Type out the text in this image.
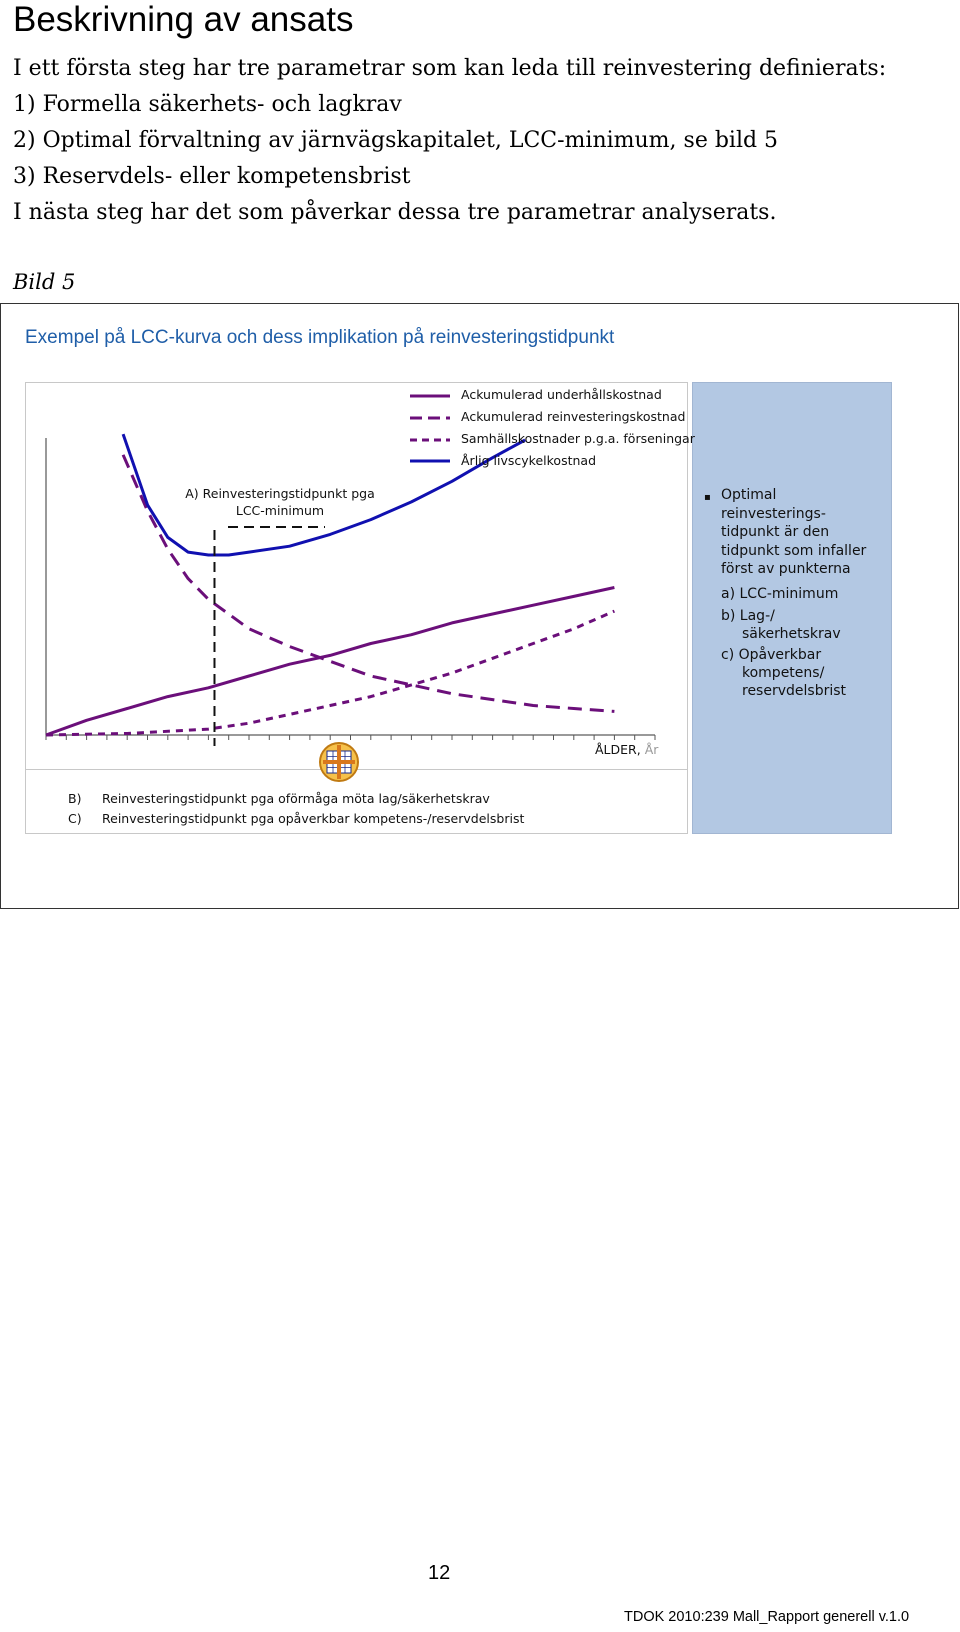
Beskrivning av ansats
I ett första steg har tre parametrar som kan leda till reinvestering definierats:
1) Formella säkerhets- och lagkrav
2) Optimal förvaltning av järnvägskapitalet, LCC-minimum, se bild 5
3) Reservdels- eller kompetensbrist
I nästa steg har det som påverkar dessa tre parametrar analyserats.
Bild 5
Exempel på LCC-kurva och dess implikation på reinvesteringstidpunkt
▪ Optimal
reinvesterings-
tidpunkt är den
tidpunkt som infaller
först av punkterna
a) LCC-minimum
b) Lag-/
säkerhetskrav
c) Opåverkbar
kompetens/
reservdelsbrist
B) Reinvesteringstidpunkt pga oförmåga möta lag/säkerhetskrav
C) Reinvesteringstidpunkt pga opåverkbar kompetens-/reservdelsbrist
Ackumulerad underhållskostnad
Ackumulerad reinvesteringskostnad
Samhällskostnader p.g.a. förseningar
Årlig livscykelkostnad
A) Reinvesteringstidpunkt pga
LCC-minimum
ÅLDER, År
12
TDOK 2010:239 Mall_Rapport generell v.1.0
